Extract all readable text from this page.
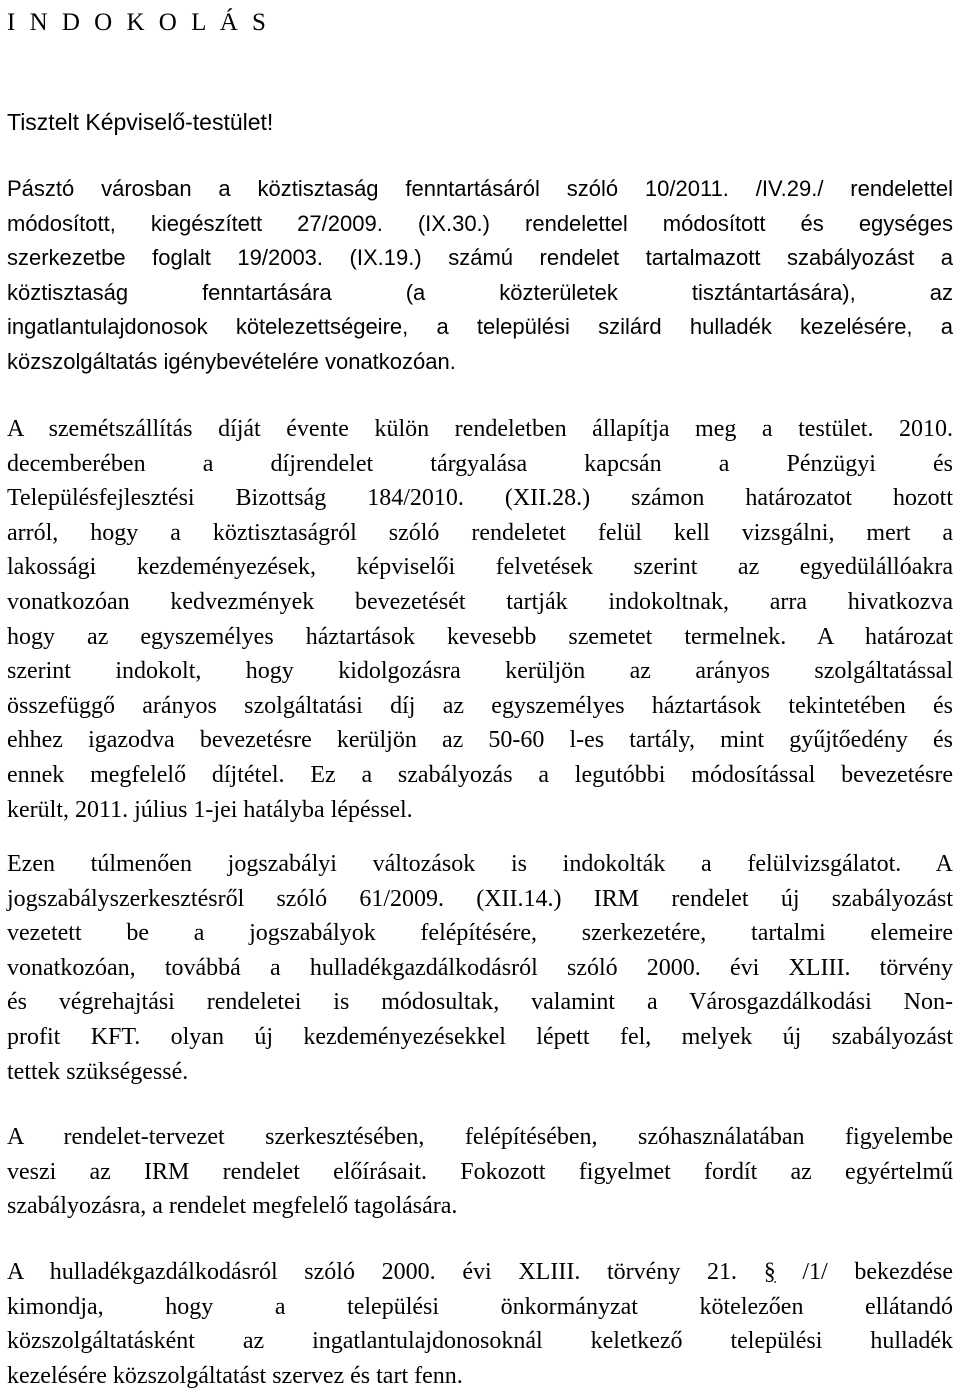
I N D O K O L Á S
Tisztelt Képviselő-testület!
Pásztó városban a köztisztaság fenntartásáról szóló 10/2011. /IV.29./ rendelettel
módosított, kiegészített 27/2009. (IX.30.) rendelettel módosított és egységes
szerkezetbe foglalt 19/2003. (IX.19.) számú rendelet tartalmazott szabályozást a
köztisztaság fenntartására (a közterületek tisztántartására), az
ingatlantulajdonosok kötelezettségeire, a települési szilárd hulladék kezelésére, a
közszolgáltatás igénybevételére vonatkozóan.
A szemétszállítás díját évente külön rendeletben állapítja meg a testület. 2010.
decemberében a díjrendelet tárgyalása kapcsán a Pénzügyi és
Településfejlesztési Bizottság 184/2010. (XII.28.) számon határozatot hozott
arról, hogy a köztisztaságról szóló rendeletet felül kell vizsgálni, mert a
lakossági kezdeményezések, képviselői felvetések szerint az egyedülállóakra
vonatkozóan kedvezmények bevezetését tartják indokoltnak, arra hivatkozva
hogy az egyszemélyes háztartások kevesebb szemetet termelnek. A határozat
szerint indokolt, hogy kidolgozásra kerüljön az arányos szolgáltatással
összefüggő arányos szolgáltatási díj az egyszemélyes háztartások tekintetében és
ehhez igazodva bevezetésre kerüljön az 50-60 l-es tartály, mint gyűjtőedény és
ennek megfelelő díjtétel. Ez a szabályozás a legutóbbi módosítással bevezetésre
került, 2011. július 1-jei hatályba lépéssel.
Ezen túlmenően jogszabályi változások is indokolták a felülvizsgálatot. A
jogszabályszerkesztésről szóló 61/2009. (XII.14.) IRM rendelet új szabályozást
vezetett be a jogszabályok felépítésére, szerkezetére, tartalmi elemeire
vonatkozóan, továbbá a hulladékgazdálkodásról szóló 2000. évi XLIII. törvény
és végrehajtási rendeletei is módosultak, valamint a Városgazdálkodási Non-
profit KFT. olyan új kezdeményezésekkel lépett fel, melyek új szabályozást
tettek szükségessé.
A rendelet-tervezet szerkesztésében, felépítésében, szóhasználatában figyelembe
veszi az IRM rendelet előírásait. Fokozott figyelmet fordít az egyértelmű
szabályozásra, a rendelet megfelelő tagolására.
A hulladékgazdálkodásról szóló 2000. évi XLIII. törvény 21. § /1/ bekezdése
kimondja, hogy a települési önkormányzat kötelezően ellátandó
közszolgáltatásként az ingatlantulajdonosoknál keletkező települési hulladék
kezelésére közszolgáltatást szervez és tart fenn.
